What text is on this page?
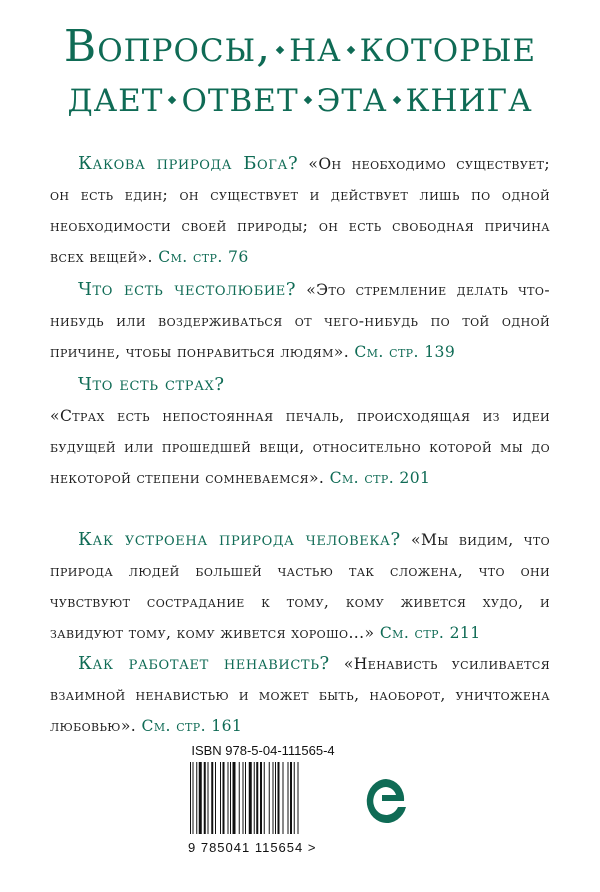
Вопросы, на которые
дает ответ эта книга
Какова природа Бога? «Он необходимо существует; он есть един; он существует и действует лишь по одной необходимости своей природы; он есть свободная причина всех вещей». См. стр. 76
Что есть честолюбие? «Это стремление делать что-нибудь или воздерживаться от чего-нибудь по той одной причине, чтобы понравиться людям». См. стр. 139
Что есть страх?
«Страх есть непостоянная печаль, происходящая из идеи будущей или прошедшей вещи, относительно которой мы до некоторой степени сомневаемся». См. стр. 201
Как устроена природа человека? «Мы видим, что природа людей большей частью так сложена, что они чувствуют сострадание к тому, кому живется худо, и завидуют тому, кому живется хорошо...» См. стр. 211
Как работает ненависть? «Ненависть усиливается взаимной ненавистью и может быть, наоборот, уничтожена любовью». См. стр. 161
ISBN 978-5-04-111565-4
9 785041 115654 >
